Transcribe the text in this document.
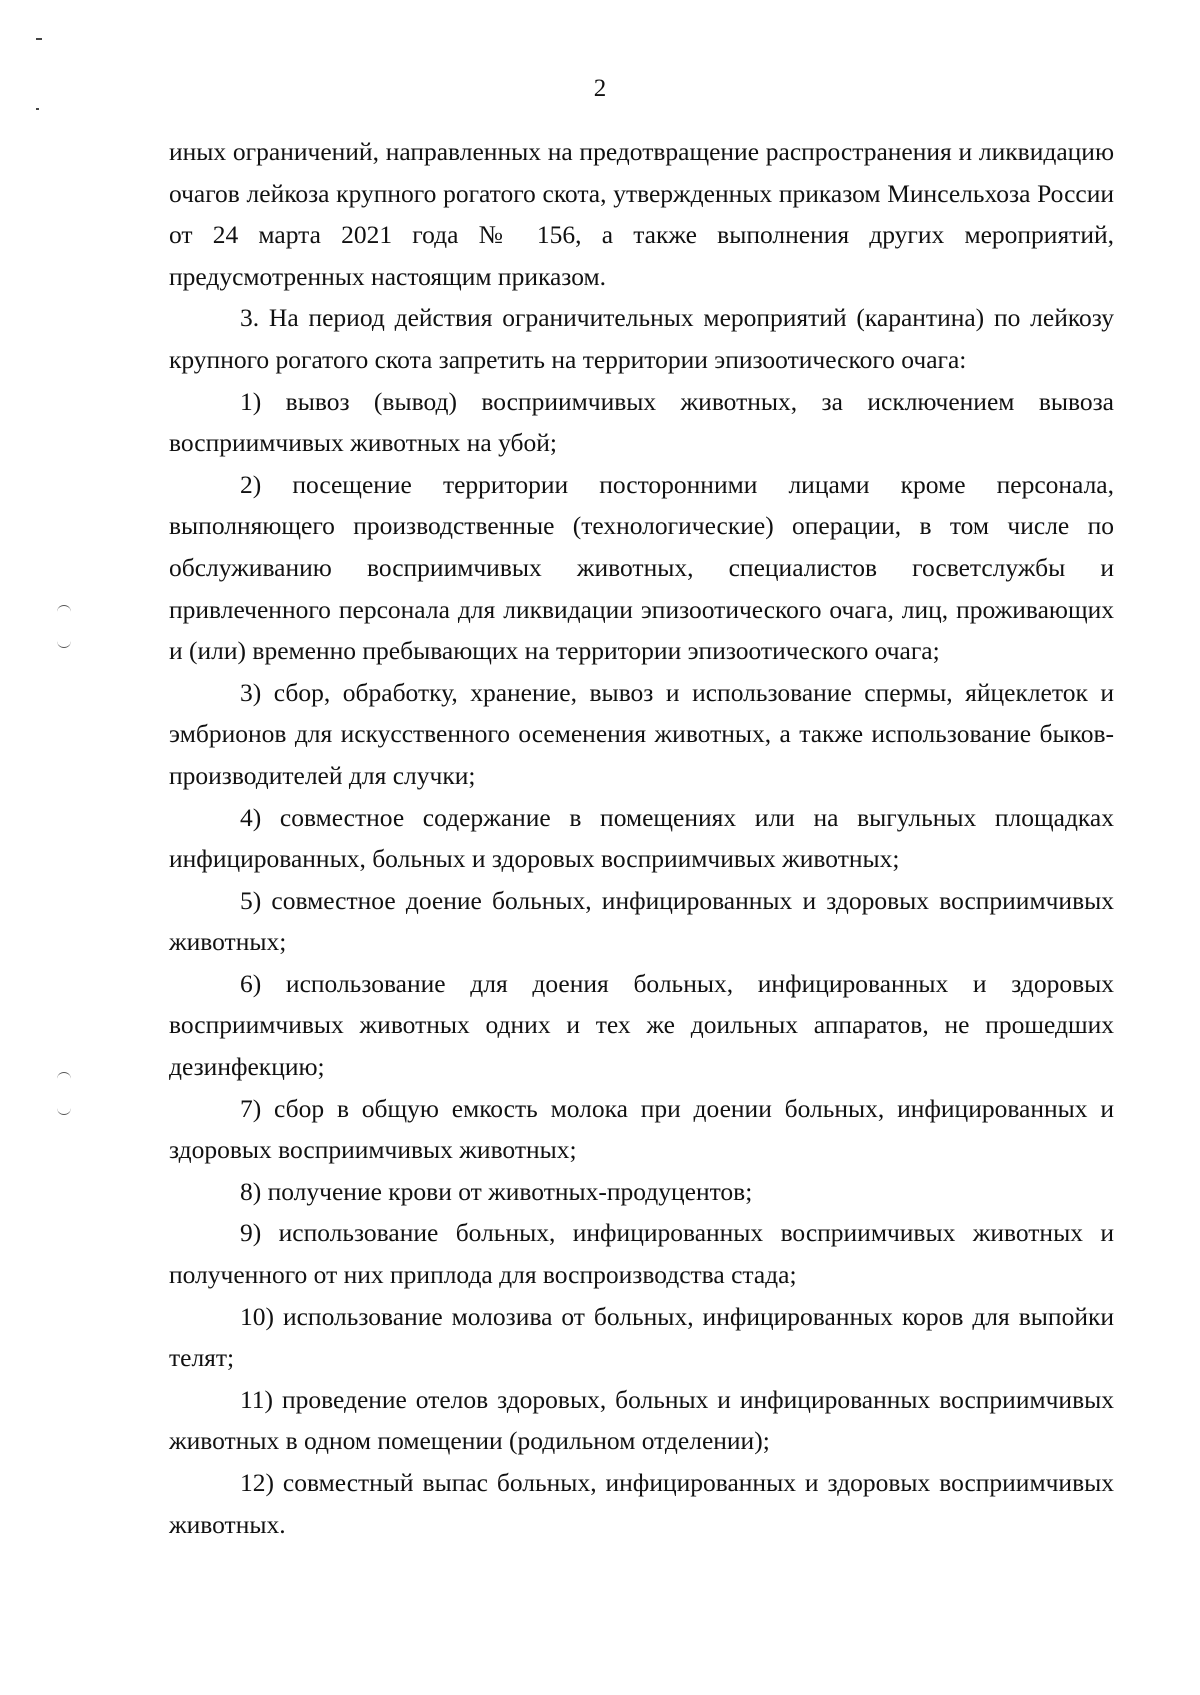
2

иных ограничений, направленных на предотвращение распространения и ликвидацию очагов лейкоза крупного рогатого скота, утвержденных приказом Минсельхоза России от 24 марта 2021 года № 156, а также выполнения других мероприятий, предусмотренных настоящим приказом.

3. На период действия ограничительных мероприятий (карантина) по лейкозу крупного рогатого скота запретить на территории эпизоотического очага:

1) вывоз (вывод) восприимчивых животных, за исключением вывоза восприимчивых животных на убой;

2) посещение территории посторонними лицами кроме персонала, выполняющего производственные (технологические) операции, в том числе по обслуживанию восприимчивых животных, специалистов госветслужбы и привлеченного персонала для ликвидации эпизоотического очага, лиц, проживающих и (или) временно пребывающих на территории эпизоотического очага;

3) сбор, обработку, хранение, вывоз и использование спермы, яйцеклеток и эмбрионов для искусственного осеменения животных, а также использование быков-производителей для случки;

4) совместное содержание в помещениях или на выгульных площадках инфицированных, больных и здоровых восприимчивых животных;

5) совместное доение больных, инфицированных и здоровых восприимчивых животных;

6) использование для доения больных, инфицированных и здоровых восприимчивых животных одних и тех же доильных аппаратов, не прошедших дезинфекцию;

7) сбор в общую емкость молока при доении больных, инфицированных и здоровых восприимчивых животных;

8) получение крови от животных-продуцентов;

9) использование больных, инфицированных восприимчивых животных и полученного от них приплода для воспроизводства стада;

10) использование молозива от больных, инфицированных коров для выпойки телят;

11) проведение отелов здоровых, больных и инфицированных восприимчивых животных в одном помещении (родильном отделении);

12) совместный выпас больных, инфицированных и здоровых восприимчивых животных.
